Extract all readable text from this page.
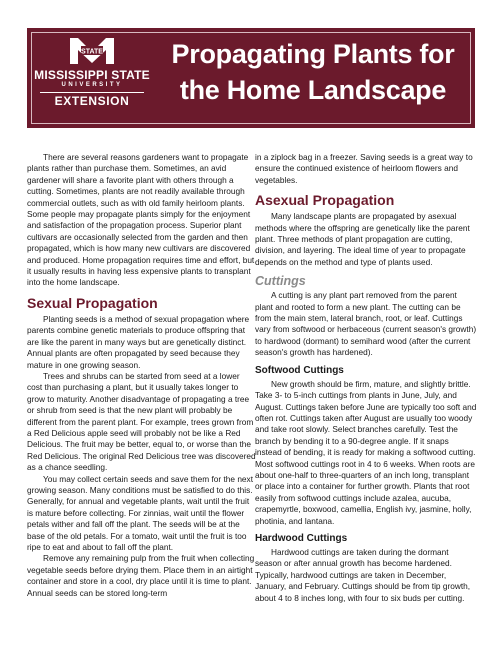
STATE
MISSISSIPPI STATE
UNIVERSITY
EXTENSION
Propagating Plants for
the Home Landscape

There are several reasons gardeners want to propagate plants rather than purchase them. Sometimes, an avid gardener will share a favorite plant with others through a cutting. Sometimes, plants are not readily available through commercial outlets, such as with old family heirloom plants. Some people may propagate plants simply for the enjoyment and satisfaction of the propagation process. Superior plant cultivars are occasionally selected from the garden and then propagated, which is how many new cultivars are discovered and produced. Home propagation requires time and effort, but it usually results in having less expensive plants to transplant into the home landscape.

Sexual Propagation

Planting seeds is a method of sexual propagation where parents combine genetic materials to produce offspring that are like the parent in many ways but are genetically distinct. Annual plants are often propagated by seed because they mature in one growing season.

Trees and shrubs can be started from seed at a lower cost than purchasing a plant, but it usually takes longer to grow to maturity. Another disadvantage of propagating a tree or shrub from seed is that the new plant will probably be different from the parent plant. For example, trees grown from a Red Delicious apple seed will probably not be like a Red Delicious. The fruit may be better, equal to, or worse than the Red Delicious. The original Red Delicious tree was discovered as a chance seedling.

You may collect certain seeds and save them for the next growing season. Many conditions must be satisfied to do this. Generally, for annual and vegetable plants, wait until the fruit is mature before collecting. For zinnias, wait until the flower petals wither and fall off the plant. The seeds will be at the base of the old petals. For a tomato, wait until the fruit is too ripe to eat and about to fall off the plant.

Remove any remaining pulp from the fruit when collecting vegetable seeds before drying them. Place them in an airtight container and store in a cool, dry place until it is time to plant. Annual seeds can be stored long-term

in a ziplock bag in a freezer. Saving seeds is a great way to ensure the continued existence of heirloom flowers and vegetables.

Asexual Propagation

Many landscape plants are propagated by asexual methods where the offspring are genetically like the parent plant. Three methods of plant propagation are cutting, division, and layering. The ideal time of year to propagate depends on the method and type of plants used.

Cuttings

A cutting is any plant part removed from the parent plant and rooted to form a new plant. The cutting can be from the main stem, lateral branch, root, or leaf. Cuttings vary from softwood or herbaceous (current season's growth) to hardwood (dormant) to semihard wood (after the current season's growth has hardened).

Softwood Cuttings

New growth should be firm, mature, and slightly brittle. Take 3- to 5-inch cuttings from plants in June, July, and August. Cuttings taken before June are typically too soft and often rot. Cuttings taken after August are usually too woody and take root slowly. Select branches carefully. Test the branch by bending it to a 90-degree angle. If it snaps instead of bending, it is ready for making a softwood cutting. Most softwood cuttings root in 4 to 6 weeks. When roots are about one-half to three-quarters of an inch long, transplant or place into a container for further growth. Plants that root easily from softwood cuttings include azalea, aucuba, crapemyrtle, boxwood, camellia, English ivy, jasmine, holly, photinia, and lantana.

Hardwood Cuttings

Hardwood cuttings are taken during the dormant season or after annual growth has become hardened. Typically, hardwood cuttings are taken in December, January, and February. Cuttings should be from tip growth, about 4 to 8 inches long, with four to six buds per cutting.
